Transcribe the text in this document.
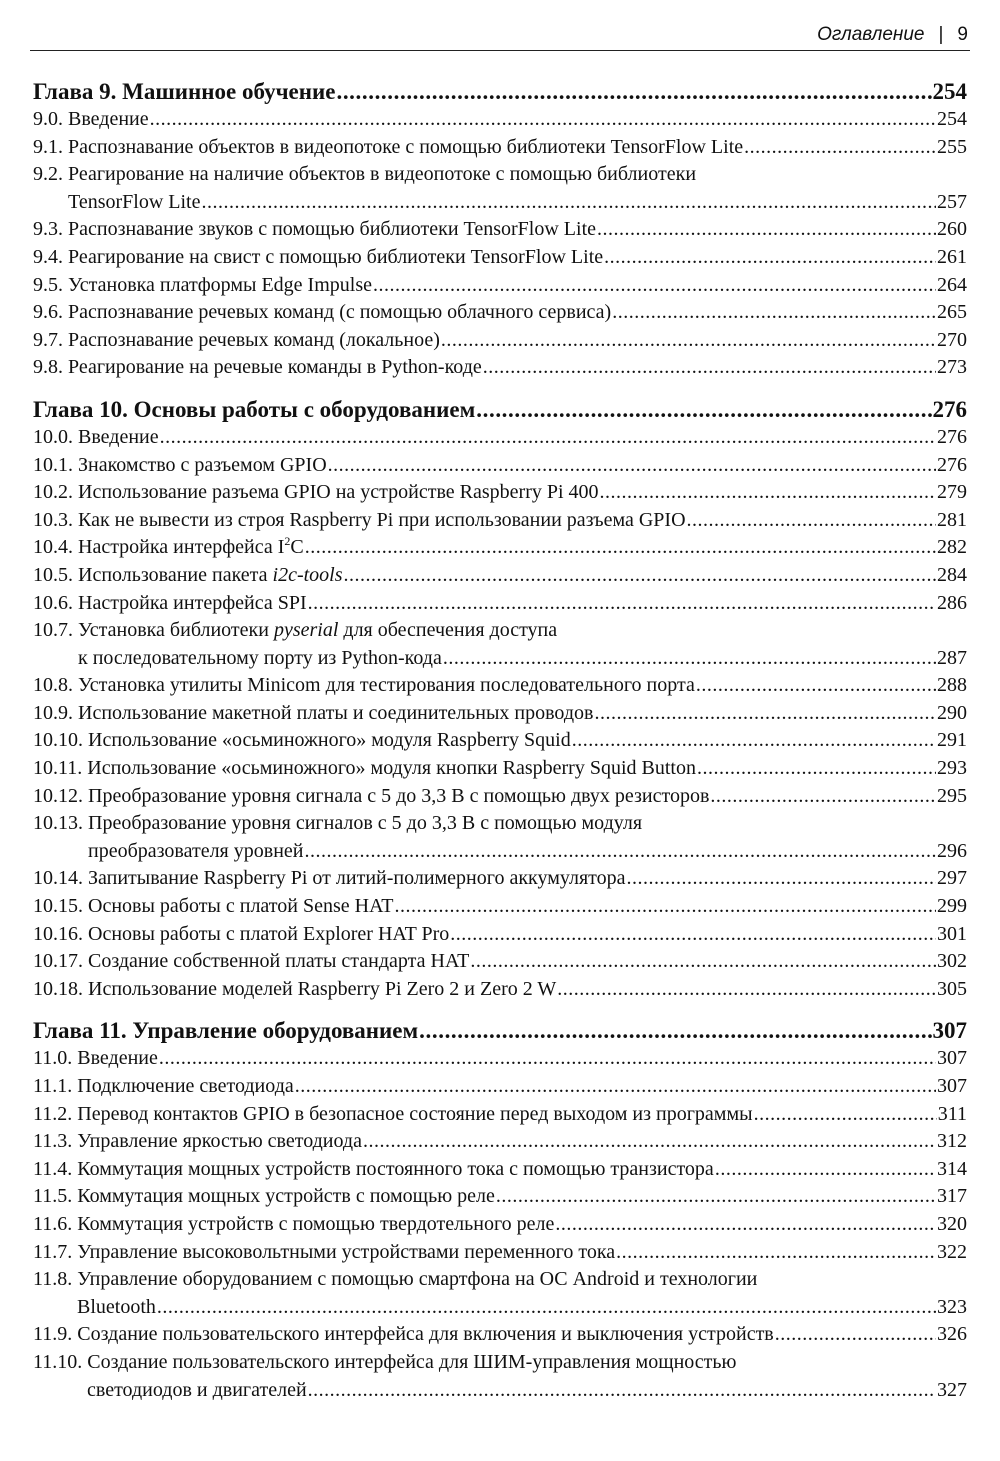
Оглавление | 9
Глава 9. Машинное обучение .....	254
9.0. Введение .....	254
9.1. Распознавание объектов в видеопотоке с помощью библиотеки TensorFlow Lite .....	255
9.2. Реагирование на наличие объектов в видеопотоке с помощью библиотеки
TensorFlow Lite .....	257
9.3. Распознавание звуков с помощью библиотеки TensorFlow Lite .....	260
9.4. Реагирование на свист с помощью библиотеки TensorFlow Lite .....	261
9.5. Установка платформы Edge Impulse .....	264
9.6. Распознавание речевых команд (с помощью облачного сервиса) .....	265
9.7. Распознавание речевых команд (локальное) .....	270
9.8. Реагирование на речевые команды в Python-коде .....	273
Глава 10. Основы работы с оборудованием .....	276
10.0. Введение .....	276
10.1. Знакомство с разъемом GPIO .....	276
10.2. Использование разъема GPIO на устройстве Raspberry Pi 400 .....	279
10.3. Как не вывести из строя Raspberry Pi при использовании разъема GPIO .....	281
10.4. Настройка интерфейса $I^2C$ .....	282
10.5. Использование пакета i2c-tools .....	284
10.6. Настройка интерфейса SPI .....	286
10.7. Установка библиотеки pyserial для обеспечения доступа
к последовательному порту из Python-кода .....	287
10.8. Установка утилиты Minicom для тестирования последовательного порта .....	288
10.9. Использование макетной платы и соединительных проводов .....	290
10.10. Использование «осьминожного» модуля Raspberry Squid .....	291
10.11. Использование «осьминожного» модуля кнопки Raspberry Squid Button .....	293
10.12. Преобразование уровня сигнала с 5 до 3,3 В с помощью двух резисторов .....	295
10.13. Преобразование уровня сигналов с 5 до 3,3 В с помощью модуля
преобразователя уровней .....	296
10.14. Запитывание Raspberry Pi от литий-полимерного аккумулятора .....	297
10.15. Основы работы с платой Sense HAT .....	299
10.16. Основы работы с платой Explorer HAT Pro .....	301
10.17. Создание собственной платы стандарта HAT .....	302
10.18. Использование моделей Raspberry Pi Zero 2 и Zero 2 W .....	305
Глава 11. Управление оборудованием .....	307
11.0. Введение .....	307
11.1. Подключение светодиода .....	307
11.2. Перевод контактов GPIO в безопасное состояние перед выходом из программы .....	311
11.3. Управление яркостью светодиода .....	312
11.4. Коммутация мощных устройств постоянного тока с помощью транзистора .....	314
11.5. Коммутация мощных устройств с помощью реле .....	317
11.6. Коммутация устройств с помощью твердотельного реле .....	320
11.7. Управление высоковольтными устройствами переменного тока .....	322
11.8. Управление оборудованием с помощью смартфона на ОС Android и технологии
Bluetooth .....	323
11.9. Создание пользовательского интерфейса для включения и выключения устройств .....	326
11.10. Создание пользовательского интерфейса для ШИМ-управления мощностью
светодиодов и двигателей .....	327
